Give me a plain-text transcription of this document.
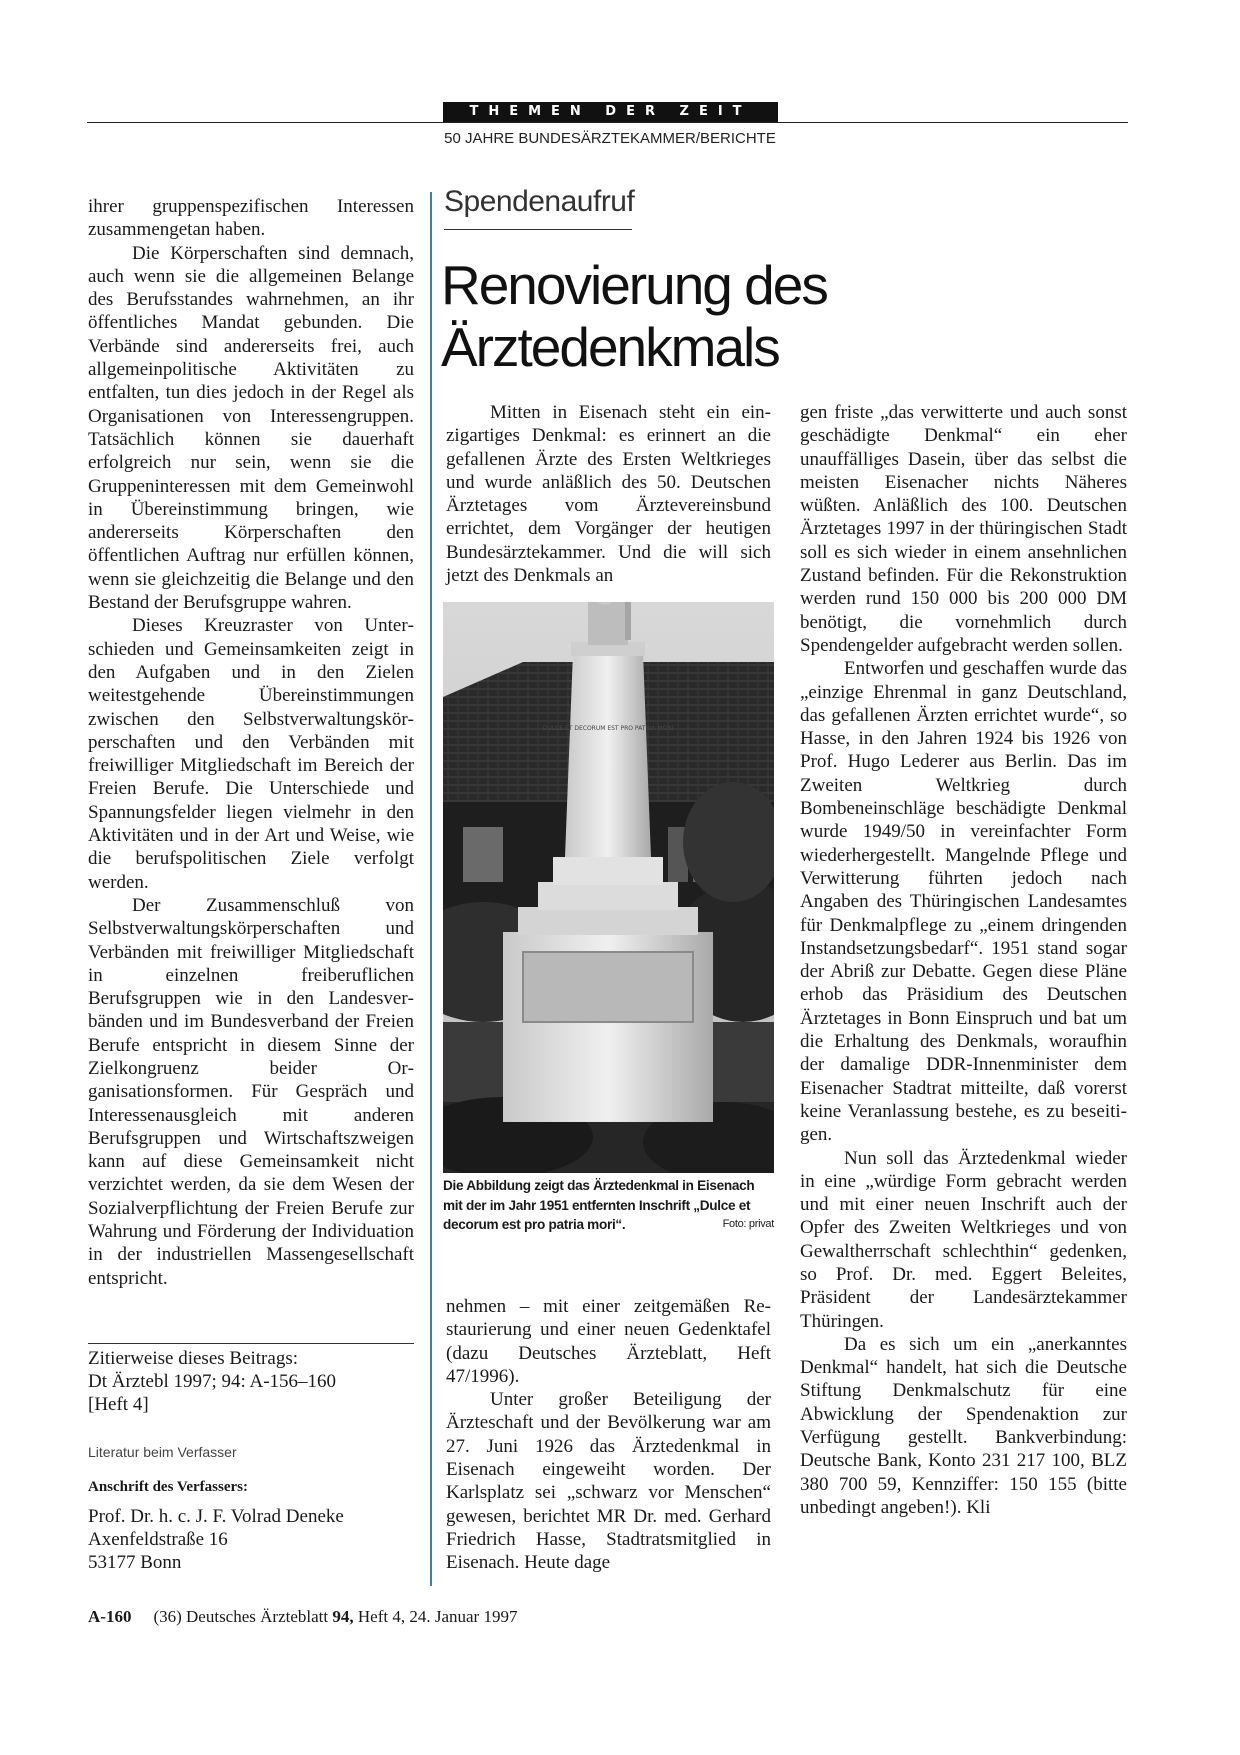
THEMEN DER ZEIT
50 JAHRE BUNDESÄRZTEKAMMER/BERICHTE

ihrer gruppenspezifischen Interessen zusammengetan haben.

Die Körperschaften sind demnach, auch wenn sie die allgemeinen Belange des Berufsstandes wahrnehmen, an ihr öffentliches Mandat gebunden. Die Verbände sind andererseits frei, auch allgemeinpolitische Aktivitäten zu entfalten, tun dies jedoch in der Regel als Organisationen von Interessengruppen. Tatsächlich können sie dauerhaft erfolgreich nur sein, wenn sie die Gruppeninteressen mit dem Gemeinwohl in Übereinstimmung bringen, wie andererseits Körperschaften den öffentlichen Auftrag nur erfüllen können, wenn sie gleichzeitig die Belange und den Bestand der Berufsgruppe wahren.

Dieses Kreuzraster von Unterschieden und Gemeinsamkeiten zeigt in den Aufgaben und in den Zielen weitestgehende Übereinstimmungen zwischen den Selbstverwaltungskörperschaften und den Verbänden mit freiwilliger Mitgliedschaft im Bereich der Freien Berufe. Die Unterschiede und Spannungsfelder liegen vielmehr in den Aktivitäten und in der Art und Weise, wie die berufspolitischen Ziele verfolgt werden.

Der Zusammenschluß von Selbstverwaltungskörperschaften und Verbänden mit freiwilliger Mitgliedschaft in einzelnen freiberuflichen Berufsgruppen wie in den Landesverbänden und im Bundesverband der Freien Berufe entspricht in diesem Sinne der Zielkongruenz beider Organisationsformen. Für Gespräch und Interessenausgleich mit anderen Berufsgruppen und Wirtschaftszweigen kann auf diese Gemeinsamkeit nicht verzichtet werden, da sie dem Wesen der Sozialverpflichtung der Freien Berufe zur Wahrung und Förderung der Individuation in der industriellen Massengesellschaft entspricht.

Zitierweise dieses Beitrags:
Dt Ärztebl 1997; 94: A-156–160
[Heft 4]
Literatur beim Verfasser
Anschrift des Verfassers:
Prof. Dr. h. c. J. F. Volrad Deneke
Axenfeldstraße 16
53177 Bonn
Spendenaufruf
Renovierung des
Ärztedenkmals

Mitten in Eisenach steht ein einzigartiges Denkmal: es erinnert an die gefallenen Ärzte des Ersten Weltkrieges und wurde anläßlich des 50. Deutschen Ärztetages vom Ärztevereinsbund errichtet, dem Vorgänger der heutigen Bundesärztekammer. Und die will sich jetzt des Denkmals an

DULCE ET DECORUM EST PRO PATRIA MORI
Die Abbildung zeigt das Ärztedenkmal in Eisenach mit der im Jahr 1951 entfernten Inschrift „Dulce et decorum est pro patria mori“.	Foto: privat

nehmen – mit einer zeitgemäßen Restaurierung und einer neuen Gedenktafel (dazu Deutsches Ärzteblatt, Heft 47/1996).

Unter großer Beteiligung der Ärzteschaft und der Bevölkerung war am 27. Juni 1926 das Ärztedenkmal in Eisenach eingeweiht worden. Der Karlsplatz sei „schwarz vor Menschen“ gewesen, berichtet MR Dr. med. Gerhard Friedrich Hasse, Stadtratsmitglied in Eisenach. Heute dage

gen friste „das verwitterte und auch sonst geschädigte Denkmal“ ein eher unauffälliges Dasein, über das selbst die meisten Eisenacher nichts Näheres wüßten. Anläßlich des 100. Deutschen Ärztetages 1997 in der thüringischen Stadt soll es sich wieder in einem ansehnlichen Zustand befinden. Für die Rekonstruktion werden rund 150 000 bis 200 000 DM benötigt, die vornehmlich durch Spendengelder aufgebracht werden sollen.

Entworfen und geschaffen wurde das „einzige Ehrenmal in ganz Deutschland, das gefallenen Ärzten errichtet wurde“, so Hasse, in den Jahren 1924 bis 1926 von Prof. Hugo Lederer aus Berlin. Das im Zweiten Weltkrieg durch Bombeneinschläge beschädigte Denkmal wurde 1949/50 in vereinfachter Form wiederhergestellt. Mangelnde Pflege und Verwitterung führten jedoch nach Angaben des Thüringischen Landesamtes für Denkmalpflege zu „einem dringenden Instandsetzungsbedarf“. 1951 stand sogar der Abriß zur Debatte. Gegen diese Pläne erhob das Präsidium des Deutschen Ärztetages in Bonn Einspruch und bat um die Erhaltung des Denkmals, woraufhin der damalige DDR-Innenminister dem Eisenacher Stadtrat mitteilte, daß vorerst keine Veranlassung bestehe, es zu beseitigen.

Nun soll das Ärztedenkmal wieder in eine „würdige Form gebracht werden und mit einer neuen Inschrift auch der Opfer des Zweiten Weltkrieges und von Gewaltherrschaft schlechthin“ gedenken, so Prof. Dr. med. Eggert Beleites, Präsident der Landesärztekammer Thüringen.

Da es sich um ein „anerkanntes Denkmal“ handelt, hat sich die Deutsche Stiftung Denkmalschutz für eine Abwicklung der Spendenaktion zur Verfügung gestellt. Bankverbindung: Deutsche Bank, Konto 231 217 100, BLZ 380 700 59, Kennziffer: 150 155 (bitte unbedingt angeben!). Kli

A-160 (36) Deutsches Ärzteblatt 94, Heft 4, 24. Januar 1997
